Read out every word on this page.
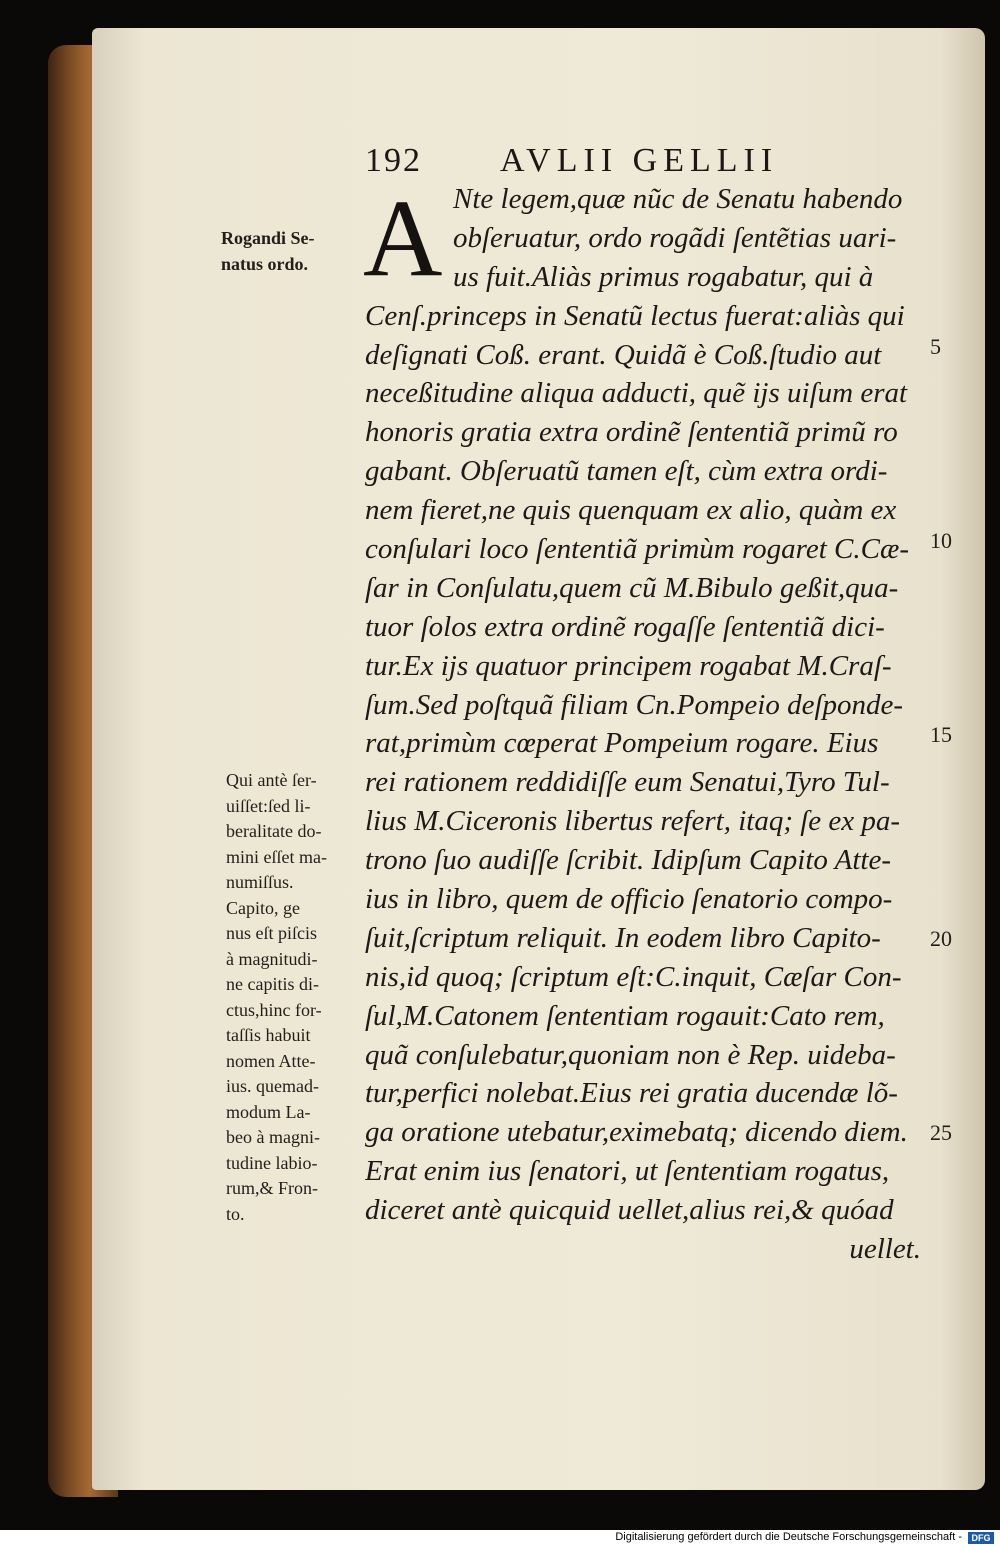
192 AVLII GELLII
A Nte legem,quæ nũc de Senatu habendo
obſeruatur, ordo rogãdi ſentẽtias uari-
us fuit.Aliàs primus rogabatur, qui à
Cenſ.princeps in Senatũ lectus fuerat:aliàs qui
deſignati Coß. erant. Quidã è Coß.ſtudio aut
neceßitudine aliqua adducti, quẽ ijs uiſum erat
honoris gratia extra ordinẽ ſententiã primũ ro
gabant. Obſeruatũ tamen eſt, cùm extra ordi-
nem fieret,ne quis quenquam ex alio, quàm ex
conſulari loco ſententiã primùm rogaret C.Cæ-
ſar in Conſulatu,quem cũ M.Bibulo geßit,qua-
tuor ſolos extra ordinẽ rogaſſe ſententiã dici-
tur.Ex ijs quatuor principem rogabat M.Craſ-
ſum.Sed poſtquã filiam Cn.Pompeio deſponde-
rat,primùm cœperat Pompeium rogare. Eius
rei rationem reddidiſſe eum Senatui,Tyro Tul-
lius M.Ciceronis libertus refert, itaq; ſe ex pa-
trono ſuo audiſſe ſcribit. Idipſum Capito Atte-
ius in libro, quem de officio ſenatorio compo-
ſuit,ſcriptum reliquit. In eodem libro Capito-
nis,id quoq; ſcriptum eſt:C.inquit, Cæſar Con-
ſul,M.Catonem ſententiam rogauit:Cato rem,
quã conſulebatur,quoniam non è Rep. uideba-
tur,perfici nolebat.Eius rei gratia ducendæ lõ-
ga oratione utebatur,eximebatq; dicendo diem.
Erat enim ius ſenatori, ut ſententiam rogatus,
diceret antè quicquid uellet,alius rei,& quóad
uellet.
Rogandi Se-
natus ordo.
Qui antè ſer-
uiſſet:ſed li-
beralitate do-
mini eſſet ma-
numiſſus.
Capito, ge
nus eſt piſcis
à magnitudi-
ne capitis di-
ctus,hinc for-
taſſis habuit
nomen Atte-
ius. quemad-
modum La-
beo à magni-
tudine labio-
rum,& Fron-
to.
5
10
15
20
25
Digitalisierung gefördert durch die Deutsche Forschungsgemeinschaft -	DFG
